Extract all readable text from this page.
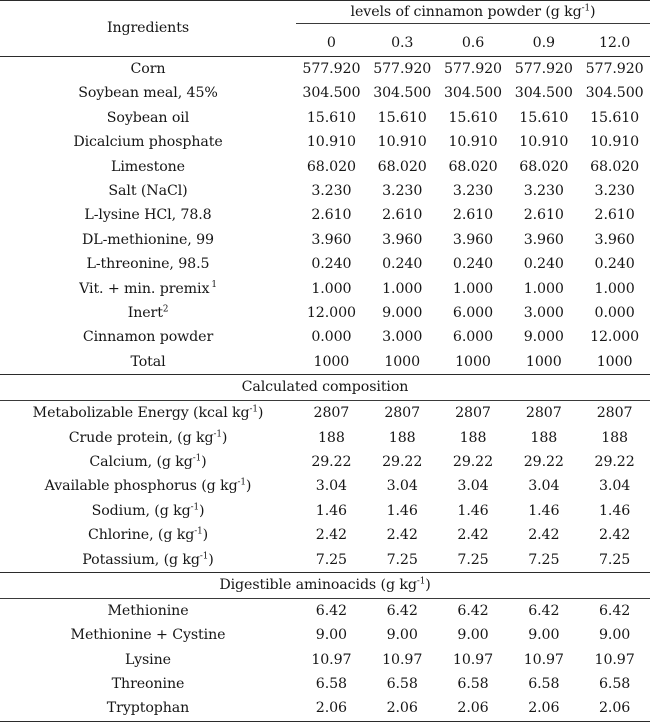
Ingredients	levels of cinnamon powder (g $kg^{-1}$)				

	0	0.3	0.6	0.9	12.0

Corn	577.920	577.920	577.920	577.920	577.920
Soybean meal, 45%	304.500	304.500	304.500	304.500	304.500
Soybean oil	15.610	15.610	15.610	15.610	15.610
Dicalcium phosphate	10.910	10.910	10.910	10.910	10.910
Limestone	68.020	68.020	68.020	68.020	68.020
Salt (NaCl)	3.230	3.230	3.230	3.230	3.230
L-lysine HCl, 78.8	2.610	2.610	2.610	2.610	2.610
DL-methionine, 99	3.960	3.960	3.960	3.960	3.960
L-threonine, 98.5	0.240	0.240	0.240	0.240	0.240
Vit. + min. premix $^1$	1.000	1.000	1.000	1.000	1.000
Inert$^2$	12.000	9.000	6.000	3.000	0.000
Cinnamon powder	0.000	3.000	6.000	9.000	12.000
Total	1000	1000	1000	1000	1000

Calculated composition					

Metabolizable Energy (kcal $kg^{-1}$)	2807	2807	2807	2807	2807
Crude protein, (g $kg^{-1}$)	188	188	188	188	188
Calcium, (g $kg^{-1}$)	29.22	29.22	29.22	29.22	29.22
Available phosphorus (g $kg^{-1}$)	3.04	3.04	3.04	3.04	3.04
Sodium, (g $kg^{-1}$)	1.46	1.46	1.46	1.46	1.46
Chlorine, (g $kg^{-1}$)	2.42	2.42	2.42	2.42	2.42
Potassium, (g $kg^{-1}$)	7.25	7.25	7.25	7.25	7.25

Digestible aminoacids (g $kg^{-1}$)					

Methionine	6.42	6.42	6.42	6.42	6.42
Methionine + Cystine	9.00	9.00	9.00	9.00	9.00
Lysine	10.97	10.97	10.97	10.97	10.97
Threonine	6.58	6.58	6.58	6.58	6.58
Tryptophan	2.06	2.06	2.06	2.06	2.06
